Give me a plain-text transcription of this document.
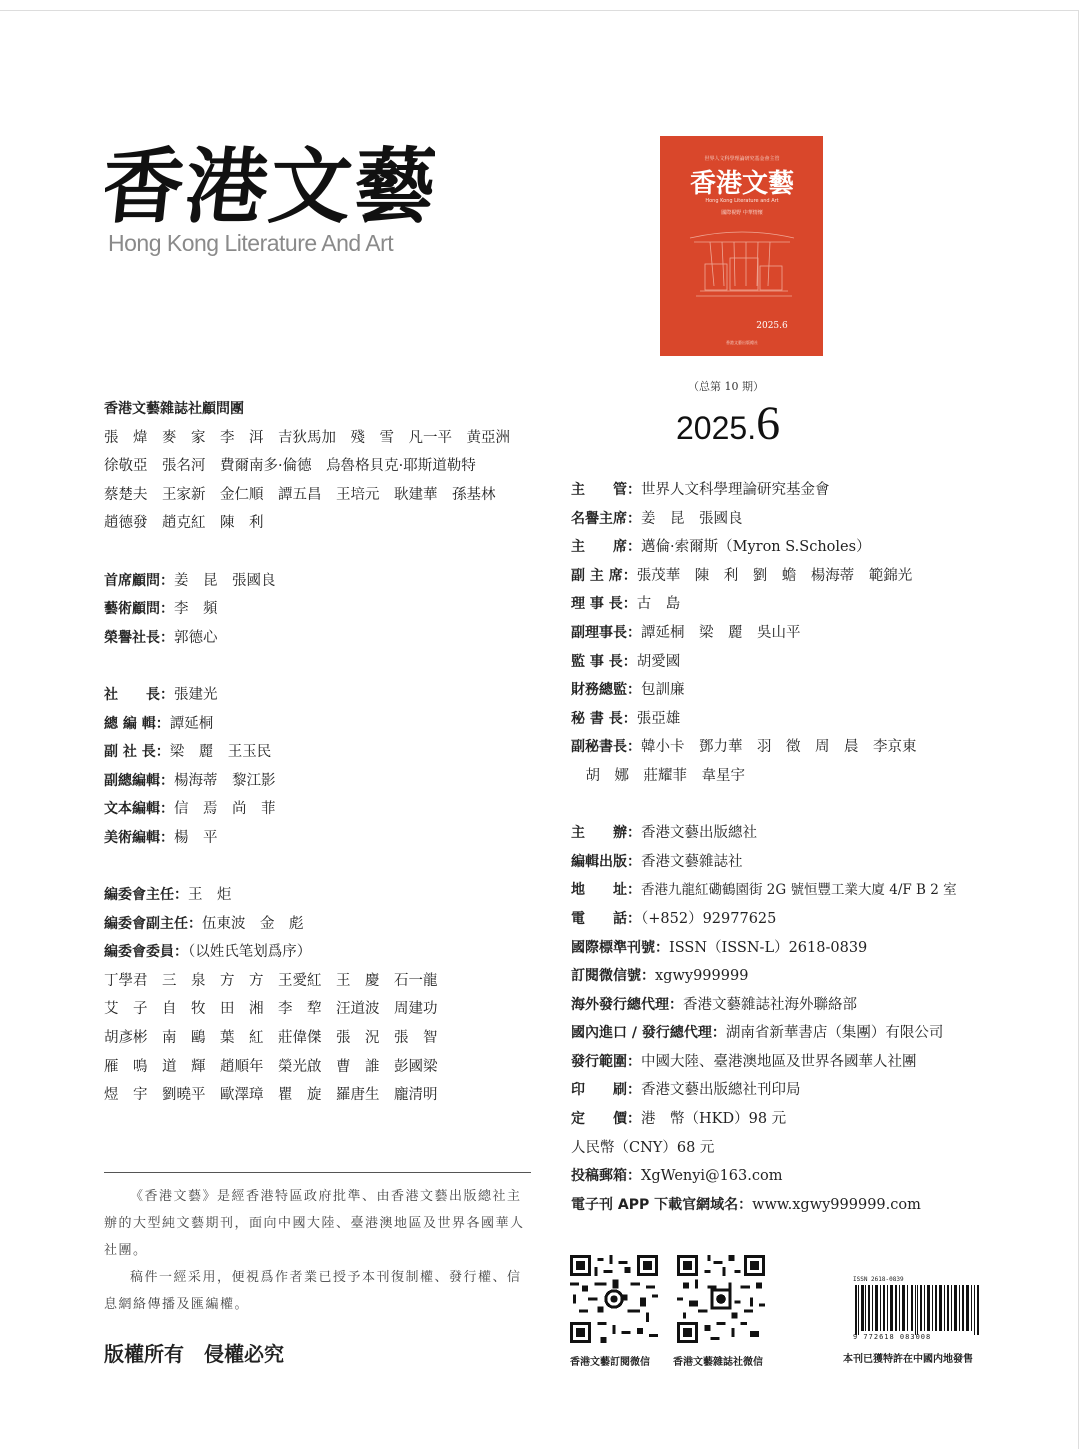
香港文藝
Hong Kong Literature And Art
世界人文科學理論研究基金會主管
香港文藝
Hong Kong Literature and Art
國際視野 中華情懷
2025.6
香港文藝出版總社
（总第 10 期）
2025.6
香港文藝雜誌社顧問團
張　煒　麥　家　李　洱　吉狄馬加　殘　雪　凡一平　黄亞洲
徐敬亞　張名河　費爾南多·倫德　烏魯格貝克·耶斯道勒特
蔡楚夫　王家新　金仁順　譚五昌　王培元　耿建華　孫基林
趙德發　趙克紅　陳　利
首席顧問：姜　昆　張國良
藝術顧問：李　頻
榮譽社長：郭德心
社　　長：張建光
總 編 輯：譚延桐
副 社 長：梁　麗　王玉民
副總編輯：楊海蒂　黎江影
文本編輯：信　焉　尚　菲
美術編輯：楊　平
編委會主任：王　炬
編委會副主任：伍東波　金　彪
編委會委員：（以姓氏笔划爲序）
丁學君　三　泉　方　方　王愛紅　王　慶　石一龍
艾　子　自　牧　田　湘　李　犂　汪道波　周建功
胡彥彬　南　鷗　葉　紅　莊偉傑　張　況　張　智
雁　鳴　道　輝　趙順年　榮光啟　曹　誰　彭國梁
煜　宇　劉曉平　歐澤璋　瞿　旋　羅唐生　龐清明
主　　管：世界人文科學理論研究基金會
名譽主席：姜　昆　張國良
主　　席：邁倫·索爾斯（Myron S.Scholes）
副 主 席：張茂華　陳　利　劉　蟾　楊海蒂　範錦光
理 事 長：古　島
副理事長：譚延桐　梁　麗　吳山平
監 事 長：胡愛國
財務總監：包訓廉
秘 書 長：張亞雄
副秘書長：韓小卡　鄧力華　羽　徵　周　晨　李京東
　胡　娜　莊耀菲　韋星宇
主　　辦：香港文藝出版總社
編輯出版：香港文藝雜誌社
地　　址：香港九龍紅磡鶴園街 2G 號恒豐工業大廈 4/F B 2 室
電　　話：（+852）92977625
國際標準刊號：ISSN（ISSN-L）2618-0839
訂閱微信號：xgwy999999
海外發行總代理：香港文藝雜誌社海外聯絡部
國內進口 / 發行總代理：湖南省新華書店（集團）有限公司
發行範圍：中國大陸、臺港澳地區及世界各國華人社團
印　　刷：香港文藝出版總社刊印局
定　　價：港　幣（HKD）98 元
人民幣（CNY）68 元
投稿郵箱：XgWenyi@163.com
電子刊 APP 下載官網域名：www.xgwy999999.com

《香港文藝》是經香港特區政府批準、由香港文藝出版總社主辦的大型純文藝期刊，面向中國大陸、臺港澳地區及世界各國華人社團。

稿件一經采用，便視爲作者業已授予本刊復制權、發行權、信息網絡傳播及匯編權。

版權所有　侵權必究	香港文藝訂閱微信	香港文藝雜誌社微信
ISSN 2618-0839
9 772618 083008
本刊已獲特許在中國内地發售
